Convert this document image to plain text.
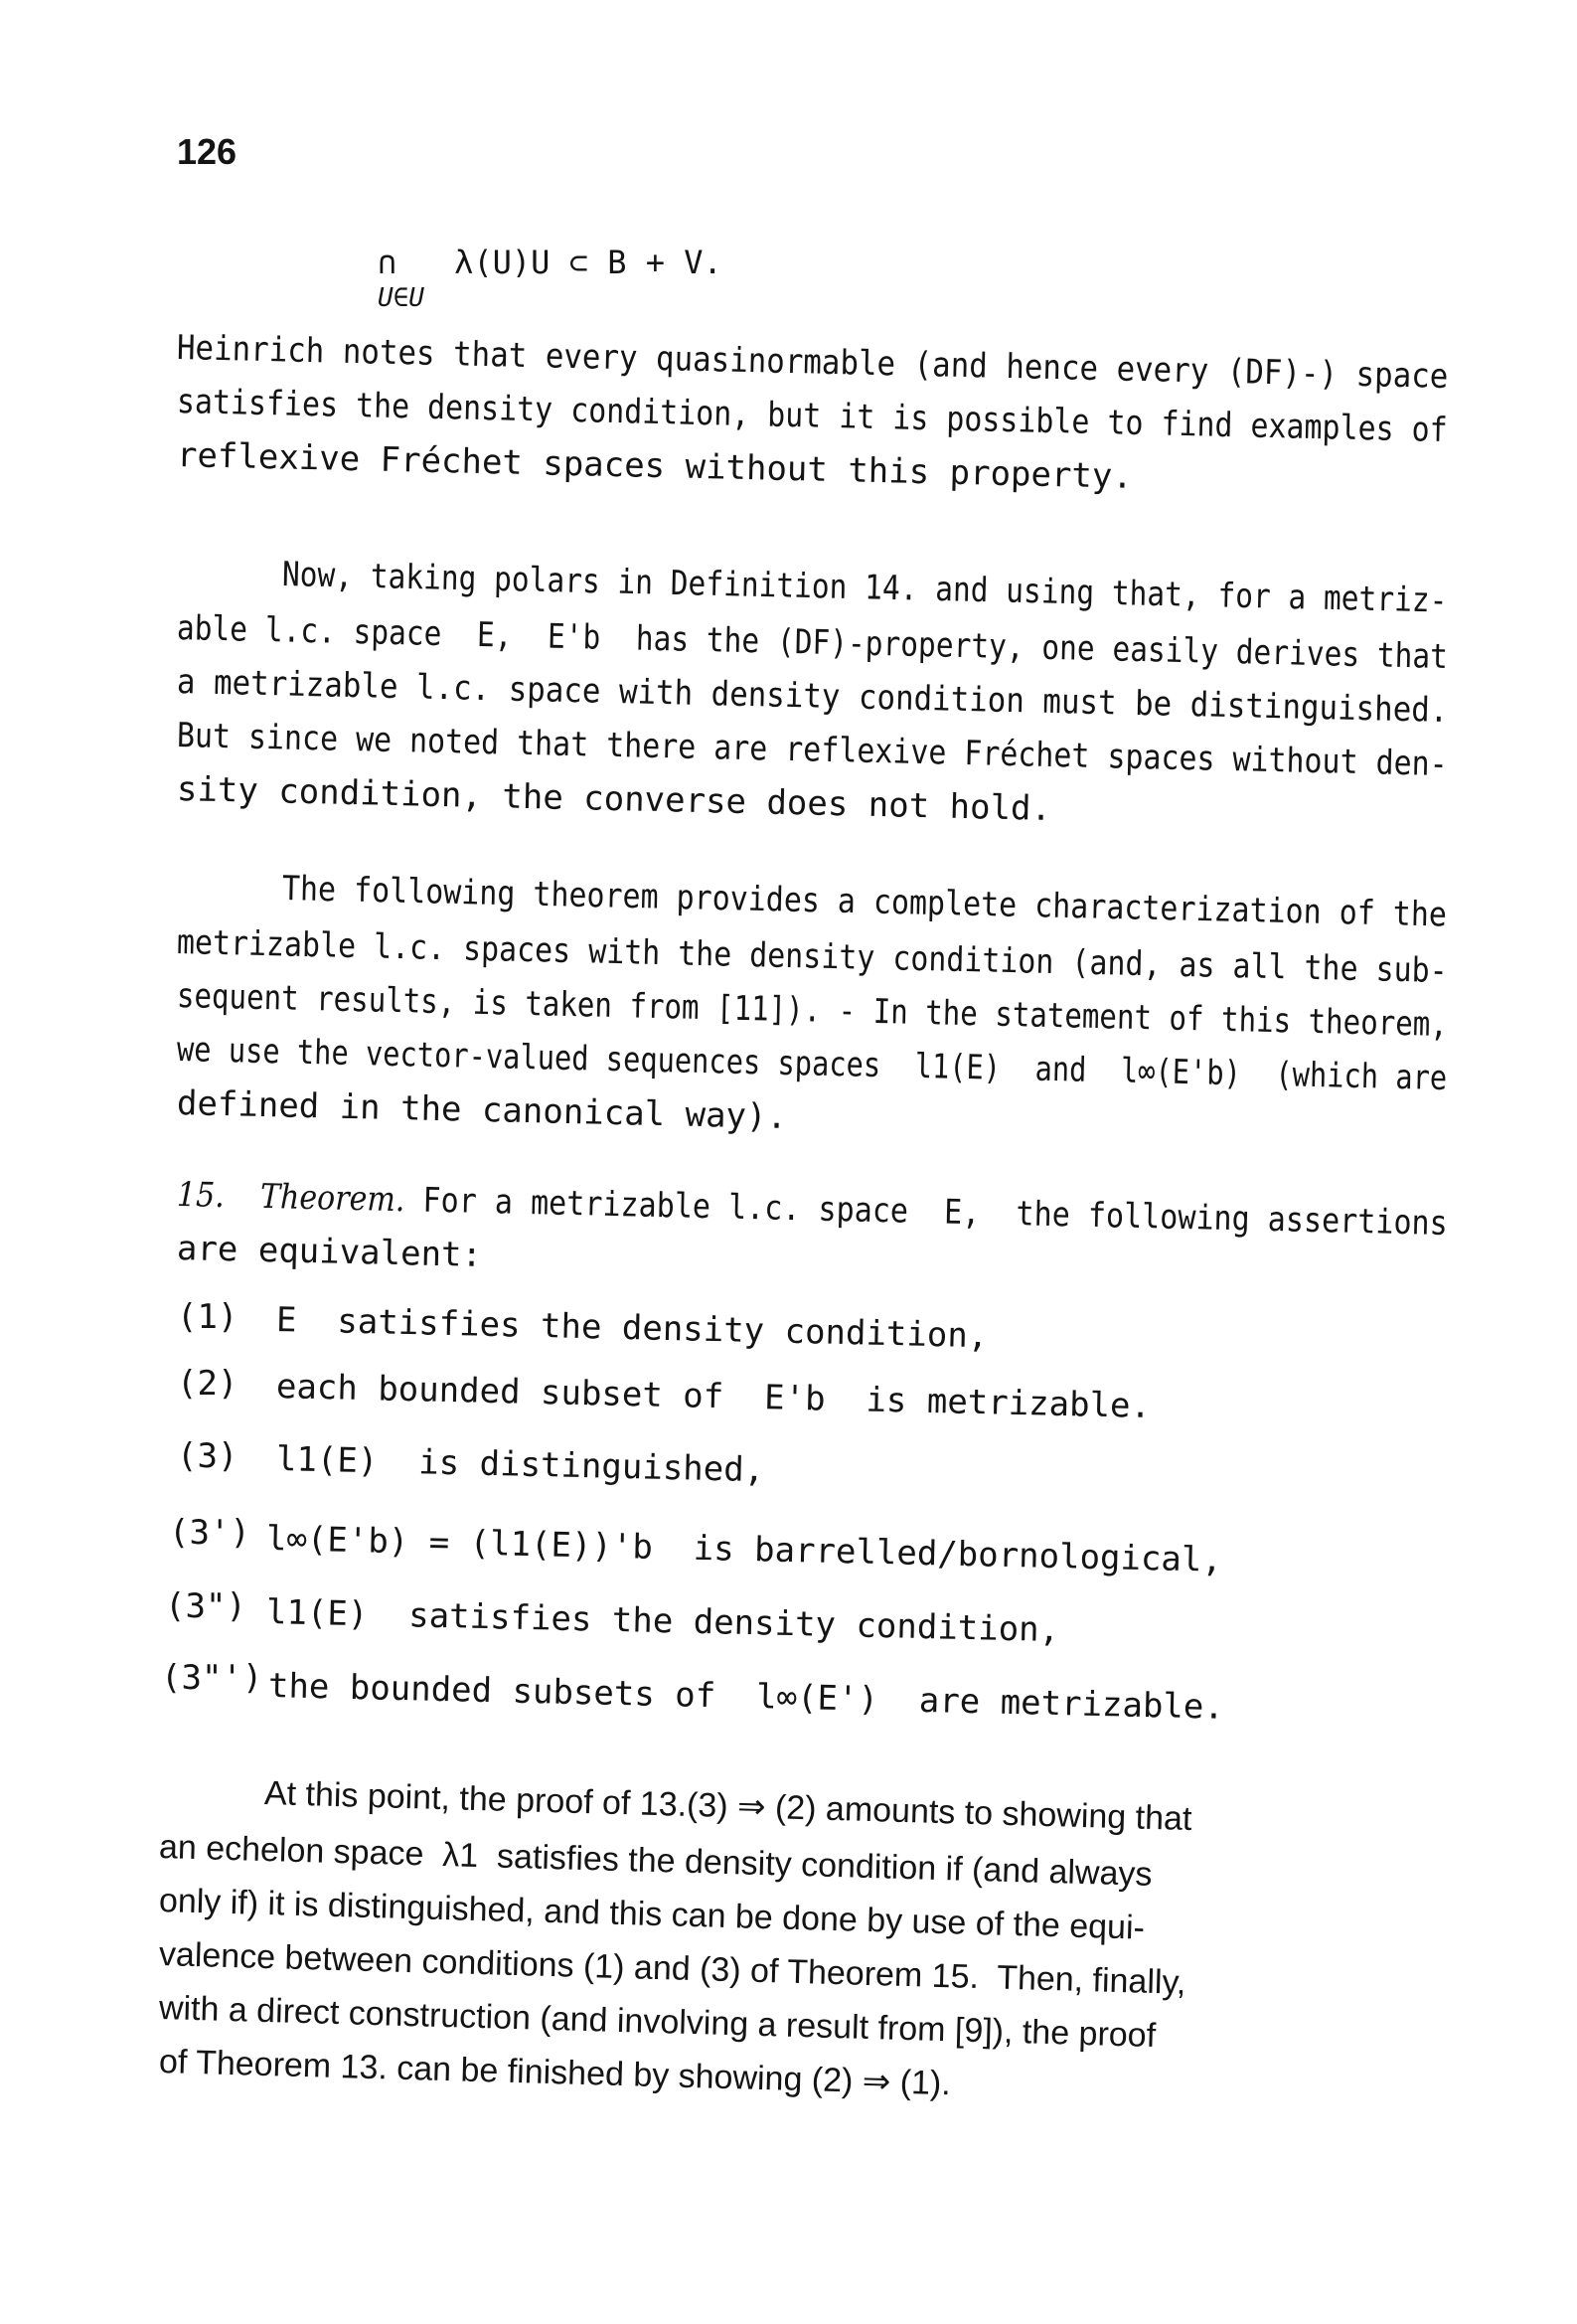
126
∩   λ(U)U ⊂ B + V.
U∈U
Heinrich notes that every quasinormable (and hence every (DF)-) space
satisfies the density condition, but it is possible to find examples of
reflexive Fréchet spaces without this property.
Now, taking polars in Definition 14. and using that, for a metriz-
able l.c. space  E,  E'b  has the (DF)-property, one easily derives that
a metrizable l.c. space with density condition must be distinguished.
But since we noted that there are reflexive Fréchet spaces without den-
sity condition, the converse does not hold.
The following theorem provides a complete characterization of the
metrizable l.c. spaces with the density condition (and, as all the sub-
sequent results, is taken from [11]). - In the statement of this theorem,
we use the vector-valued sequences spaces  l1(E)  and  l∞(E'b)  (which are
defined in the canonical way).
15. Theorem. For a metrizable l.c. space  E,  the following assertions
are equivalent:
(1) E  satisfies the density condition,
(2) each bounded subset of  E'b  is metrizable.
(3) l1(E)  is distinguished,
(3') l∞(E'b) = (l1(E))'b  is barrelled/bornological,
(3") l1(E)  satisfies the density condition,
(3"') the bounded subsets of  l∞(E')  are metrizable.
At this point, the proof of 13.(3) ⇒ (2) amounts to showing that
an echelon space  λ1  satisfies the density condition if (and always
only if) it is distinguished, and this can be done by use of the equi-
valence between conditions (1) and (3) of Theorem 15.  Then, finally,
with a direct construction (and involving a result from [9]), the proof
of Theorem 13. can be finished by showing (2) ⇒ (1).
